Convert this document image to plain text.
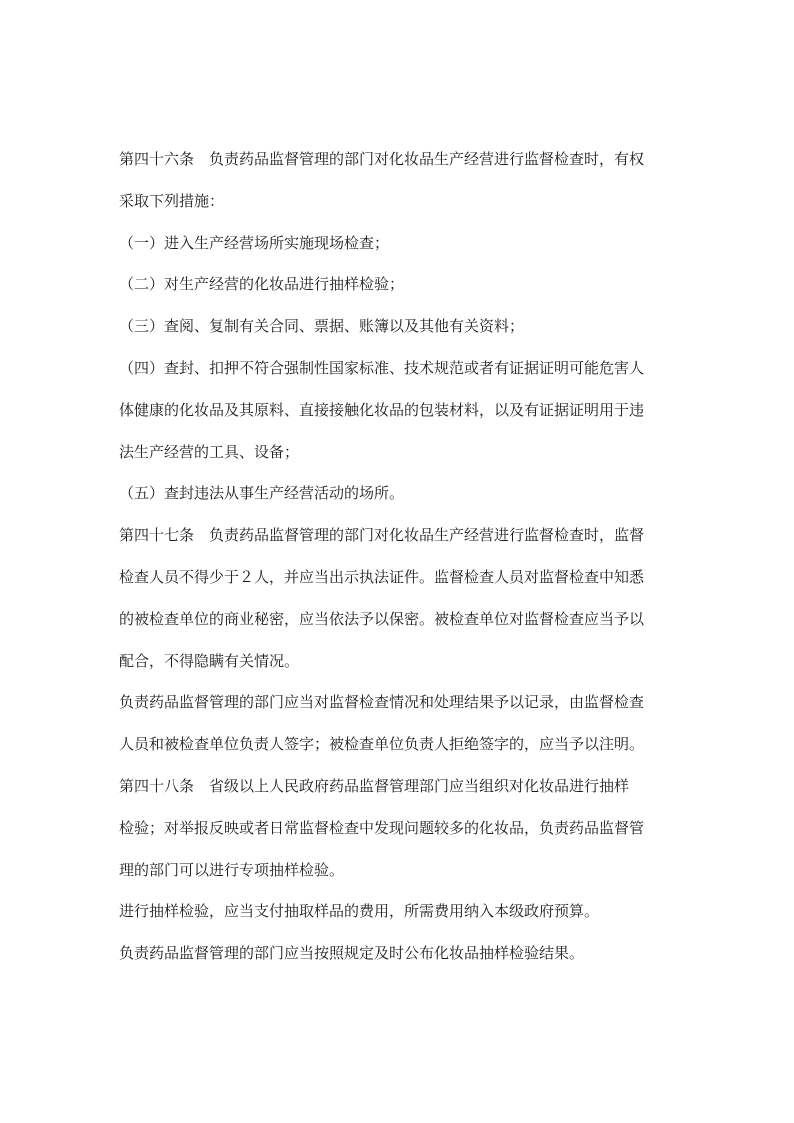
第四十六条　负责药品监督管理的部门对化妆品生产经营进行监督检查时，有权
采取下列措施：
（一）进入生产经营场所实施现场检查；
（二）对生产经营的化妆品进行抽样检验；
（三）查阅、复制有关合同、票据、账簿以及其他有关资料；
（四）查封、扣押不符合强制性国家标准、技术规范或者有证据证明可能危害人
体健康的化妆品及其原料、直接接触化妆品的包装材料，以及有证据证明用于违
法生产经营的工具、设备；
（五）查封违法从事生产经营活动的场所。
第四十七条　负责药品监督管理的部门对化妆品生产经营进行监督检查时，监督
检查人员不得少于２人，并应当出示执法证件。监督检查人员对监督检查中知悉
的被检查单位的商业秘密，应当依法予以保密。被检查单位对监督检查应当予以
配合，不得隐瞒有关情况。
负责药品监督管理的部门应当对监督检查情况和处理结果予以记录，由监督检查
人员和被检查单位负责人签字；被检查单位负责人拒绝签字的，应当予以注明。
第四十八条　省级以上人民政府药品监督管理部门应当组织对化妆品进行抽样
检验；对举报反映或者日常监督检查中发现问题较多的化妆品，负责药品监督管
理的部门可以进行专项抽样检验。
进行抽样检验，应当支付抽取样品的费用，所需费用纳入本级政府预算。
负责药品监督管理的部门应当按照规定及时公布化妆品抽样检验结果。
